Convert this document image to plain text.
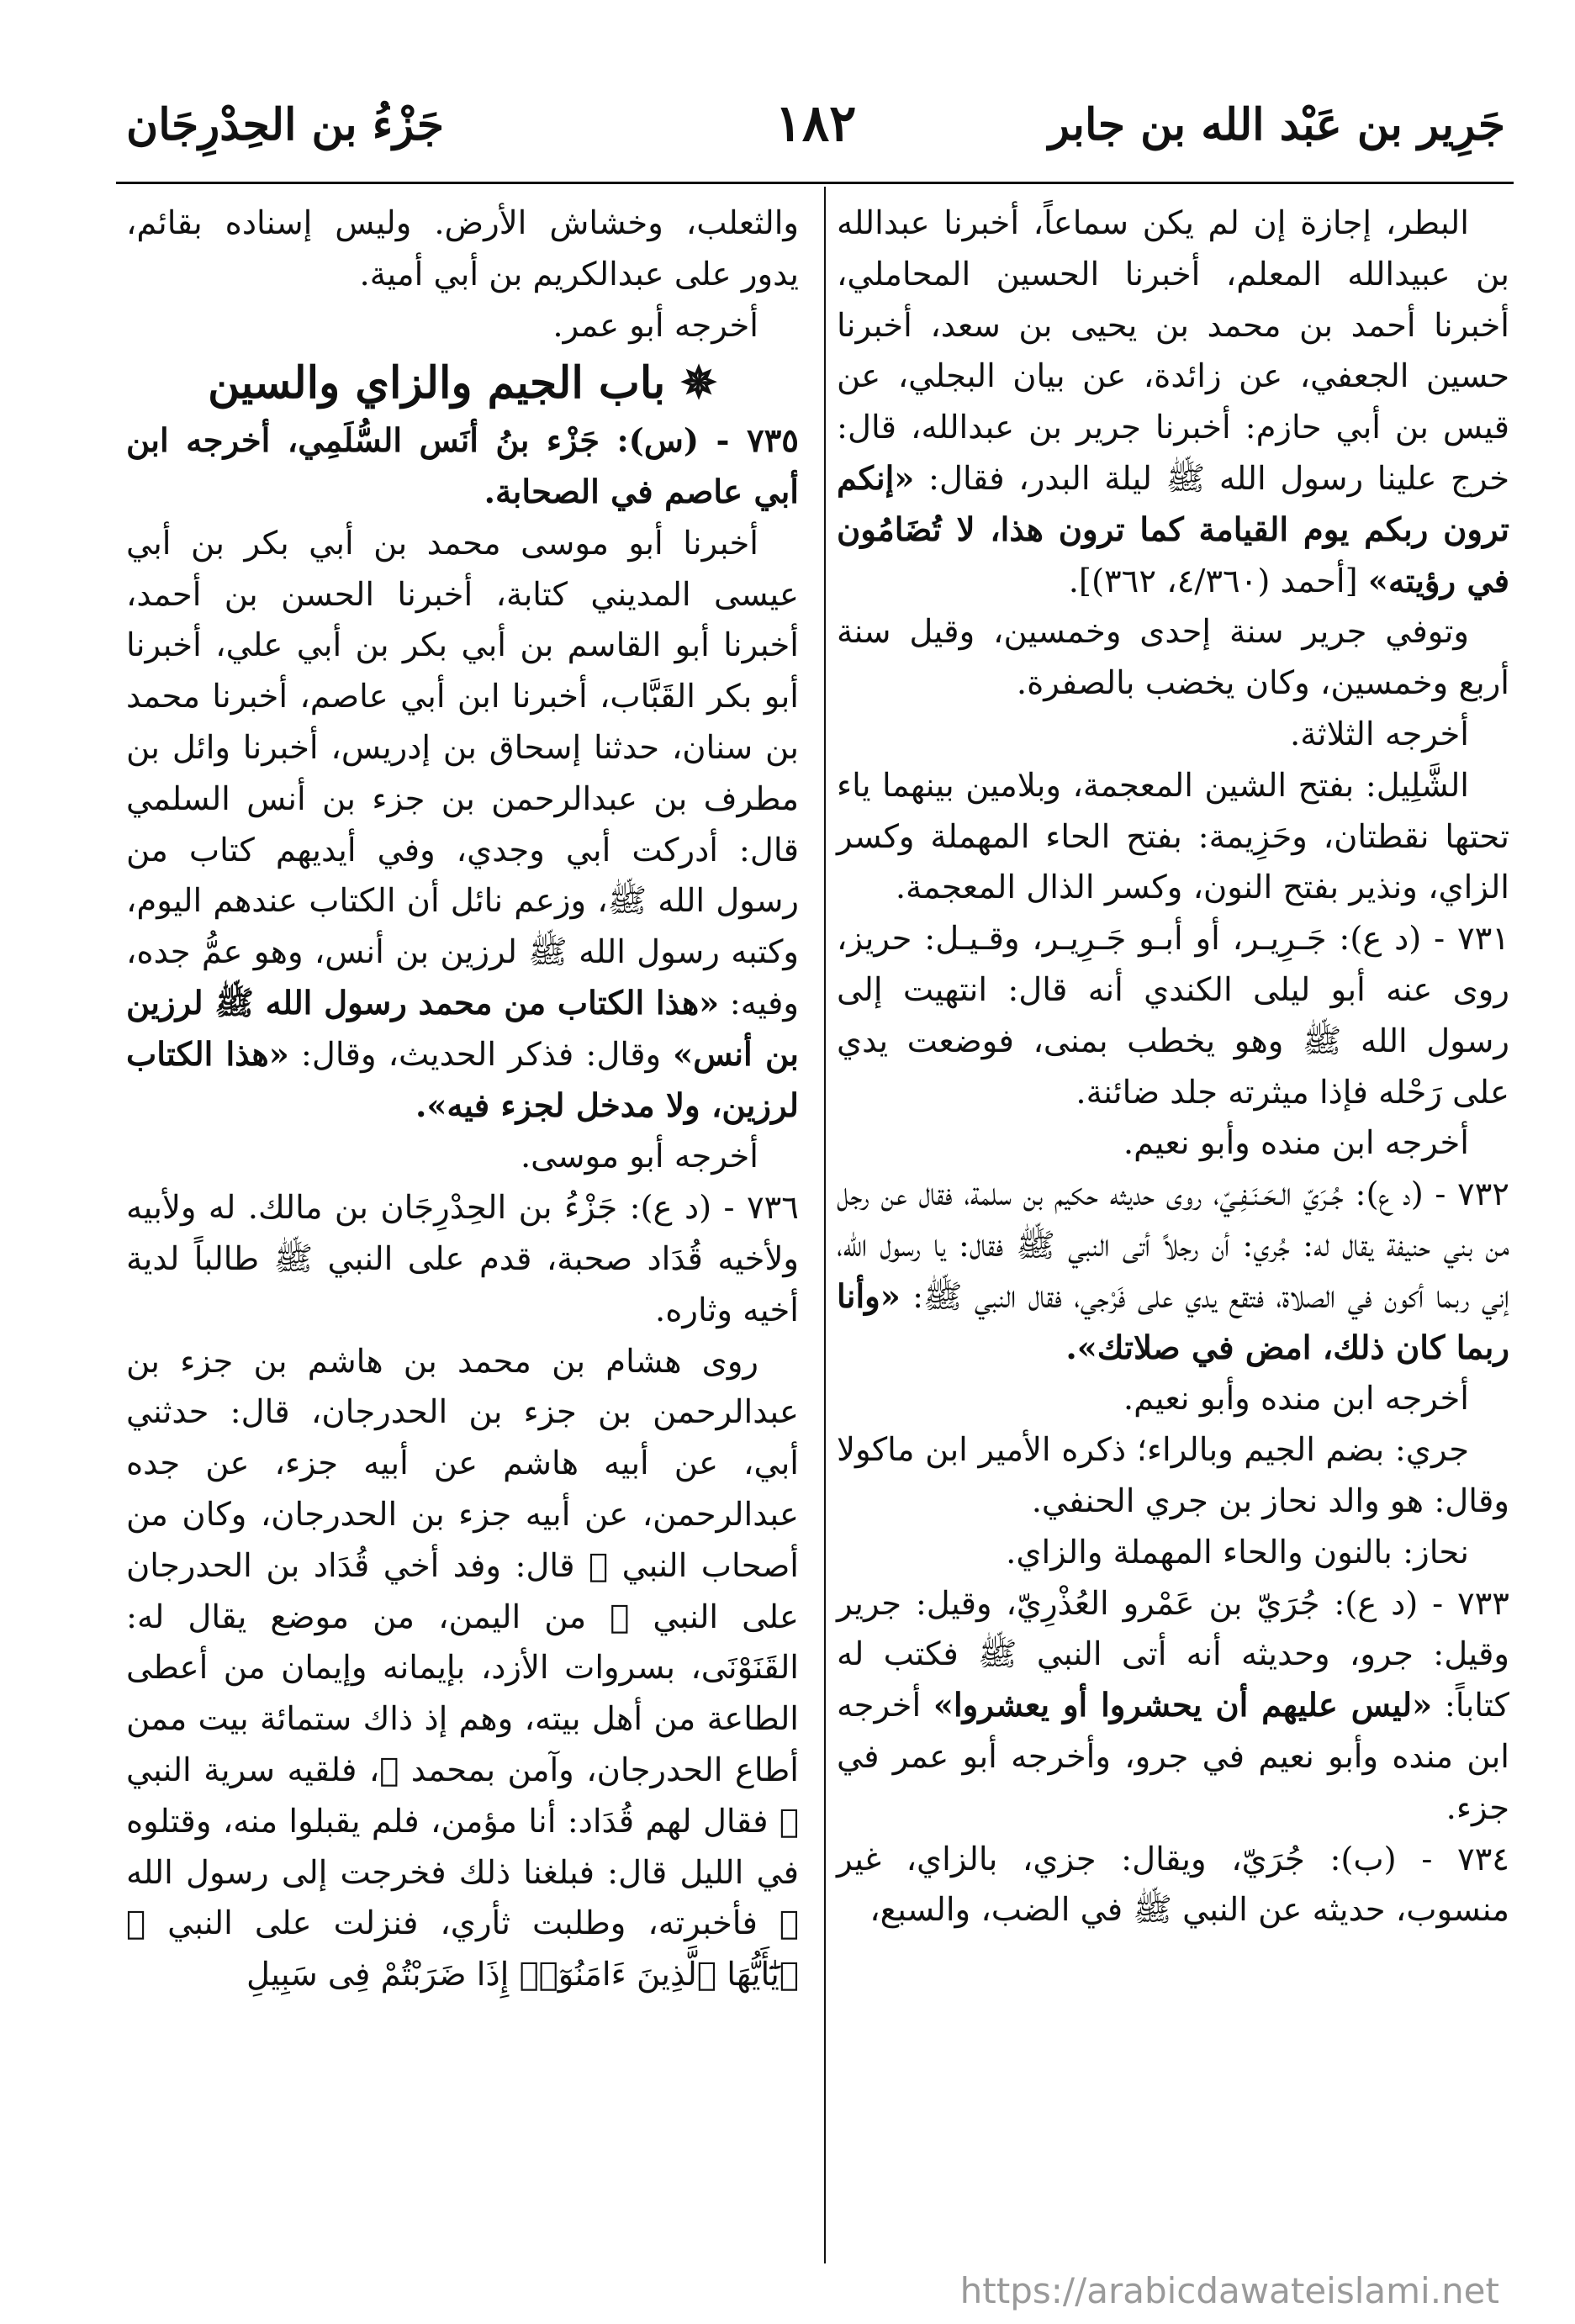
جَرِير بن عَبْد الله بن جابر
١٨٢
جَزْءُ بن الحِدْرِجَان

البطر، إجازة إن لم يكن سماعاً، أخبرنا عبدالله بن عبيدالله المعلم، أخبرنا الحسين المحاملي، أخبرنا أحمد بن محمد بن يحيى بن سعد، أخبرنا حسين الجعفي، عن زائدة، عن بيان البجلي، عن قيس بن أبي حازم: أخبرنا جرير بن عبدالله، قال: خرج علينا رسول الله ﷺ ليلة البدر، فقال: «إنكم ترون ربكم يوم القيامة كما ترون هذا، لا تُضَامُون في رؤيته» [أحمد (٤/٣٦٠، ٣٦٢)].

وتوفي جرير سنة إحدى وخمسين، وقيل سنة أربع وخمسين، وكان يخضب بالصفرة.

أخرجه الثلاثة.

الشَّلِيل: بفتح الشين المعجمة، وبلامين بينهما ياء تحتها نقطتان، وحَزِيمة: بفتح الحاء المهملة وكسر الزاي، ونذير بفتح النون، وكسر الذال المعجمة.

٧٣١ - (د ع): جَـرِيـر، أو أبـو جَـرِيـر، وقـيـل: حريز، روى عنه أبو ليلى الكندي أنه قال: انتهيت إلى رسول الله ﷺ وهو يخطب بمنى، فوضعت يدي على رَحْله فإذا ميثرته جلد ضائنة.

أخرجه ابن منده وأبو نعيم.

٧٣٢ - (د ع): جُـرَيّ الـحَـنَـفِـيّ، روى حديثه حكيم بن سلمة، فقال عن رجل من بني حنيفة يقال له: جُري: أن رجلاً أتى النبي ﷺ فقال: يا رسول الله، إني ربما أكون في الصلاة، فتقع يدي على فَرْجي، فقال النبي ﷺ: «وأنا ربما كان ذلك، امض في صلاتك».

أخرجه ابن منده وأبو نعيم.

جري: بضم الجيم وبالراء؛ ذكره الأمير ابن ماكولا وقال: هو والد نحاز بن جري الحنفي.

نحاز: بالنون والحاء المهملة والزاي.

٧٣٣ - (د ع): جُرَيّ بن عَمْرو العُذْرِيّ، وقيل: جرير وقيل: جرو، وحديثه أنه أتى النبي ﷺ فكتب له كتاباً: «ليس عليهم أن يحشروا أو يعشروا» أخرجه ابن منده وأبو نعيم في جرو، وأخرجه أبو عمر في جزء.

٧٣٤ - (ب): جُرَيّ، ويقال: جزي، بالزاي، غير منسوب، حديثه عن النبي ﷺ في الضب، والسبع،

والثعلب، وخشاش الأرض. وليس إسناده بقائم، يدور على عبدالكريم بن أبي أمية.

أخرجه أبو عمر.

✵ باب الجيم والزاي والسين

٧٣٥ - (س): جَزْء بنُ أنَس السُّلَمِي، أخرجه ابن أبي عاصم في الصحابة.

أخبرنا أبو موسى محمد بن أبي بكر بن أبي عيسى المديني كتابة، أخبرنا الحسن بن أحمد، أخبرنا أبو القاسم بن أبي بكر بن أبي علي، أخبرنا أبو بكر القَبَّاب، أخبرنا ابن أبي عاصم، أخبرنا محمد بن سنان، حدثنا إسحاق بن إدريس، أخبرنا وائل بن مطرف بن عبدالرحمن بن جزء بن أنس السلمي قال: أدركت أبي وجدي، وفي أيديهم كتاب من رسول الله ﷺ، وزعم نائل أن الكتاب عندهم اليوم، وكتبه رسول الله ﷺ لرزين بن أنس، وهو عمُّ جده، وفيه: «هذا الكتاب من محمد رسول الله ﷺ لرزين بن أنس» وقال: فذكر الحديث، وقال: «هذا الكتاب لرزين، ولا مدخل لجزء فيه».

أخرجه أبو موسى.

٧٣٦ - (د ع): جَزْءُ بن الحِدْرِجَان بن مالك. له ولأبيه ولأخيه قُدَاد صحبة، قدم على النبي ﷺ طالباً لدية أخيه وثاره.

روى هشام بن محمد بن هاشم بن جزء بن عبدالرحمن بن جزء بن الحدرجان، قال: حدثني أبي، عن أبيه هاشم عن أبيه جزء، عن جده عبدالرحمن، عن أبيه جزء بن الحدرجان، وكان من أصحاب النبي ﷺ قال: وفد أخي قُدَاد بن الحدرجان على النبي ﷺ من اليمن، من موضع يقال له: القَنَوْنَى، بسروات الأزد، بإيمانه وإيمان من أعطى الطاعة من أهل بيته، وهم إذ ذاك ستمائة بيت ممن أطاع الحدرجان، وآمن بمحمد ﷺ، فلقيه سرية النبي ﷺ فقال لهم قُدَاد: أنا مؤمن، فلم يقبلوا منه، وقتلوه في الليل قال: فبلغنا ذلك فخرجت إلى رسول الله ﷺ فأخبرته، وطلبت ثأري، فنزلت على النبي ﷺ ﴿يَٰٓأَيُّهَا ٱلَّذِينَ ءَامَنُوٓا۟ إِذَا ضَرَبْتُمْ فِى سَبِيلِ

https://arabicdawateislami.net
